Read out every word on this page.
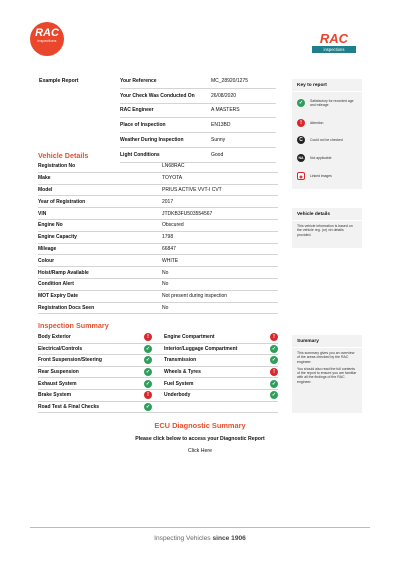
RAC
inspections	RAC
inspections
Example Report	Your Reference	MC_28920/1275
Your Check Was Conducted On	26/08/2020
RAC Engineer	A MASTERS
Place of Inspection	EN13BD
Weather During Inspection	Sunny
Light Conditions	Good
Key to report
✓	Satisfactory for recorded age and mileage
!	Attention
C	Could not be checked
NA	Not applicable
◉	Linked images
Vehicle Details
Registration No	LN68RAC
Make	TOYOTA
Model	PRIUS ACTIVE VVT-I CVT
Year of Registration	2017
VIN	JTDKB3FU503554567
Engine No	Obscured
Engine Capacity	1798
Mileage	66847
Colour	WHITE
Hoist/Ramp Available	No
Condition Alert	No
MOT Expiry Date	Not present during inspection
Registration Docs Seen	No
Vehicle details
This vehicle information is based on the vehicle reg. (or) vin details provided.
Inspection Summary
Body Exterior	!	Engine Compartment	!
Electrical/Controls	✓	Interior/Luggage Compartment	✓
Front Suspension/Steering	✓	Transmission	✓
Rear Suspension	✓	Wheels & Tyres	!
Exhaust System	✓	Fuel System	✓
Brake System	!	Underbody	✓
Road Test & Final Checks	✓
Summary
This summary gives you an overview of the areas checked by the RAC engineer.
You should also read the full contents of the report to ensure you are familiar with all the findings of the RAC engineer.
ECU Diagnostic Summary
Please click below to access your Diagnostic Report
Click Here
Inspecting Vehicles since 1906
